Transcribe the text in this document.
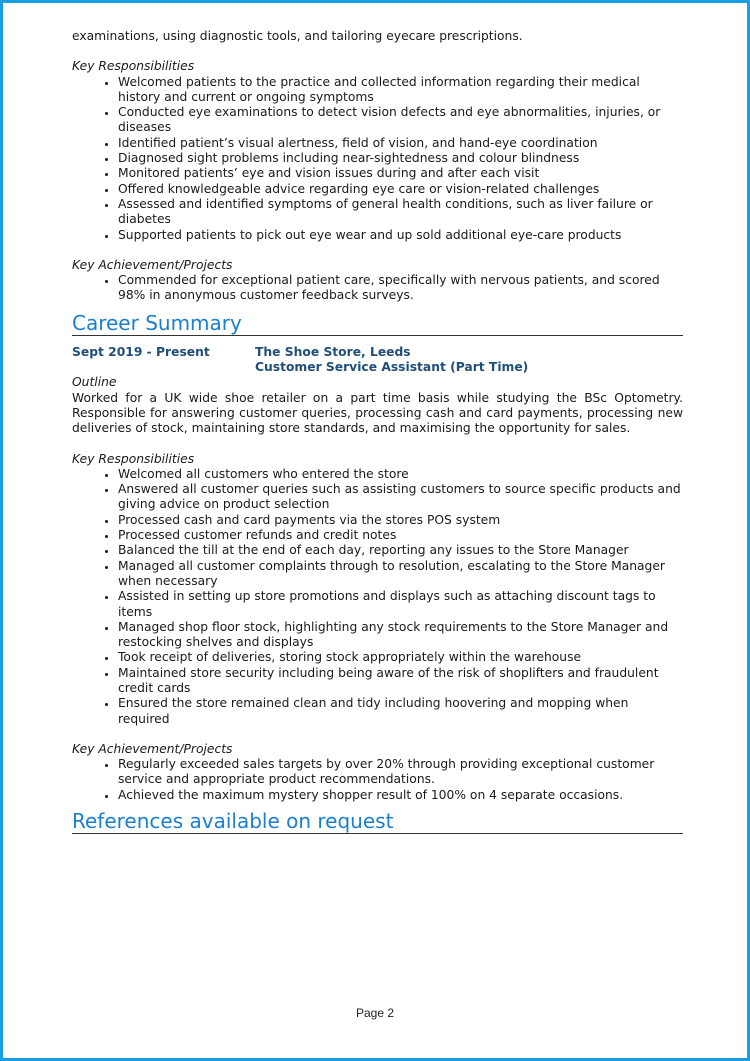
examinations, using diagnostic tools, and tailoring eyecare prescriptions.

Key Responsibilities

• Welcomed patients to the practice and collected information regarding their medical history and current or ongoing symptoms
• Conducted eye examinations to detect vision defects and eye abnormalities, injuries, or diseases
• Identified patient’s visual alertness, field of vision, and hand-eye coordination
• Diagnosed sight problems including near-sightedness and colour blindness
• Monitored patients’ eye and vision issues during and after each visit
• Offered knowledgeable advice regarding eye care or vision-related challenges
• Assessed and identified symptoms of general health conditions, such as liver failure or diabetes
• Supported patients to pick out eye wear and up sold additional eye-care products

Key Achievement/Projects

• Commended for exceptional patient care, specifically with nervous patients, and scored 98% in anonymous customer feedback surveys.
Career Summary
Sept 2019 - Present	The Shoe Store, Leeds
Customer Service Assistant (Part Time)

Outline

Worked for a UK wide shoe retailer on a part time basis while studying the BSc Optometry. Responsible for answering customer queries, processing cash and card payments, processing new deliveries of stock, maintaining store standards, and maximising the opportunity for sales.

Key Responsibilities

• Welcomed all customers who entered the store
• Answered all customer queries such as assisting customers to source specific products and giving advice on product selection
• Processed cash and card payments via the stores POS system
• Processed customer refunds and credit notes
• Balanced the till at the end of each day, reporting any issues to the Store Manager
• Managed all customer complaints through to resolution, escalating to the Store Manager when necessary
• Assisted in setting up store promotions and displays such as attaching discount tags to items
• Managed shop floor stock, highlighting any stock requirements to the Store Manager and restocking shelves and displays
• Took receipt of deliveries, storing stock appropriately within the warehouse
• Maintained store security including being aware of the risk of shoplifters and fraudulent credit cards
• Ensured the store remained clean and tidy including hoovering and mopping when required

Key Achievement/Projects

• Regularly exceeded sales targets by over 20% through providing exceptional customer service and appropriate product recommendations.
• Achieved the maximum mystery shopper result of 100% on 4 separate occasions.
References available on request
Page 2
